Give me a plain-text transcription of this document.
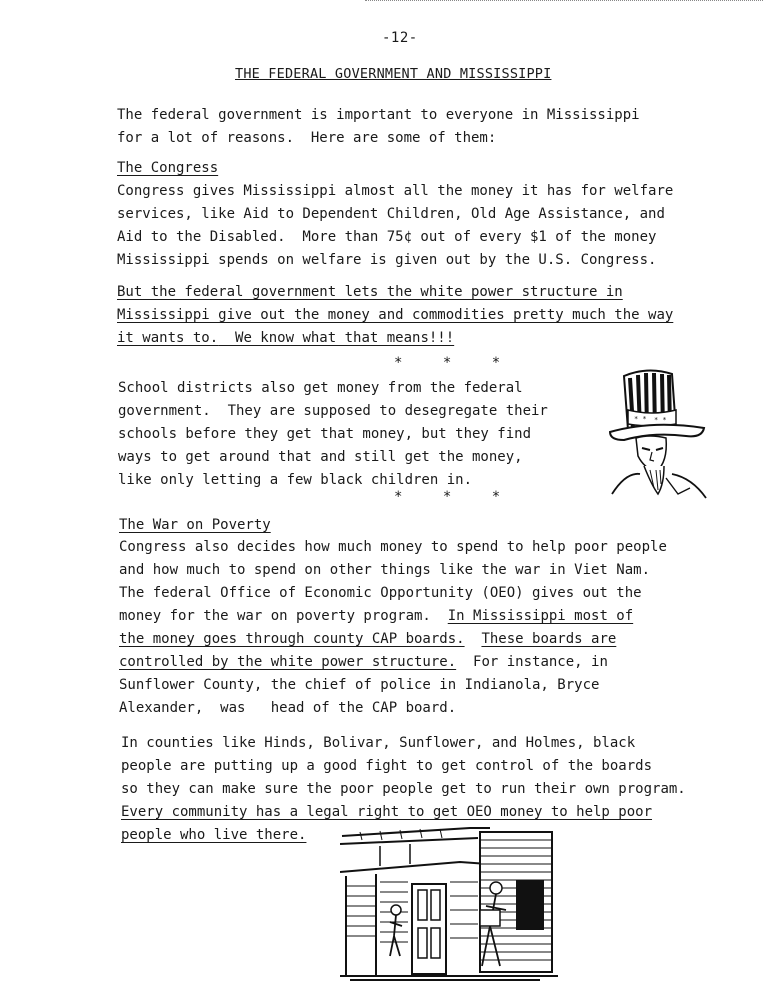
-12-
THE FEDERAL GOVERNMENT AND MISSISSIPPI
The federal government is important to everyone in Mississippi
for a lot of reasons.  Here are some of them:
The Congress
Congress gives Mississippi almost all the money it has for welfare
services, like Aid to Dependent Children, Old Age Assistance, and
Aid to the Disabled.  More than 75¢ out of every $1 of the money
Mississippi spends on welfare is given out by the U.S. Congress.
But the federal government lets the white power structure in
Mississippi give out the money and commodities pretty much the way
it wants to.  We know what that means!!!
* * *
School districts also get money from the federal
government.  They are supposed to desegregate their
schools before they get that money, but they find
ways to get around that and still get the money,
like only letting a few black children in.
* * * *
* * *
The War on Poverty
Congress also decides how much money to spend to help poor people
and how much to spend on other things like the war in Viet Nam.
The federal Office of Economic Opportunity (OEO) gives out the
money for the war on poverty program.  In Mississippi most of
the money goes through county CAP boards. These boards are
controlled by the white power structure.  For instance, in
Sunflower County, the chief of police in Indianola, Bryce
Alexander,  was   head of the CAP board.
In counties like Hinds, Bolivar, Sunflower, and Holmes, black
people are putting up a good fight to get control of the boards
so they can make sure the poor people get to run their own program.
Every community has a legal right to get OEO money to help poor
people who live there.
